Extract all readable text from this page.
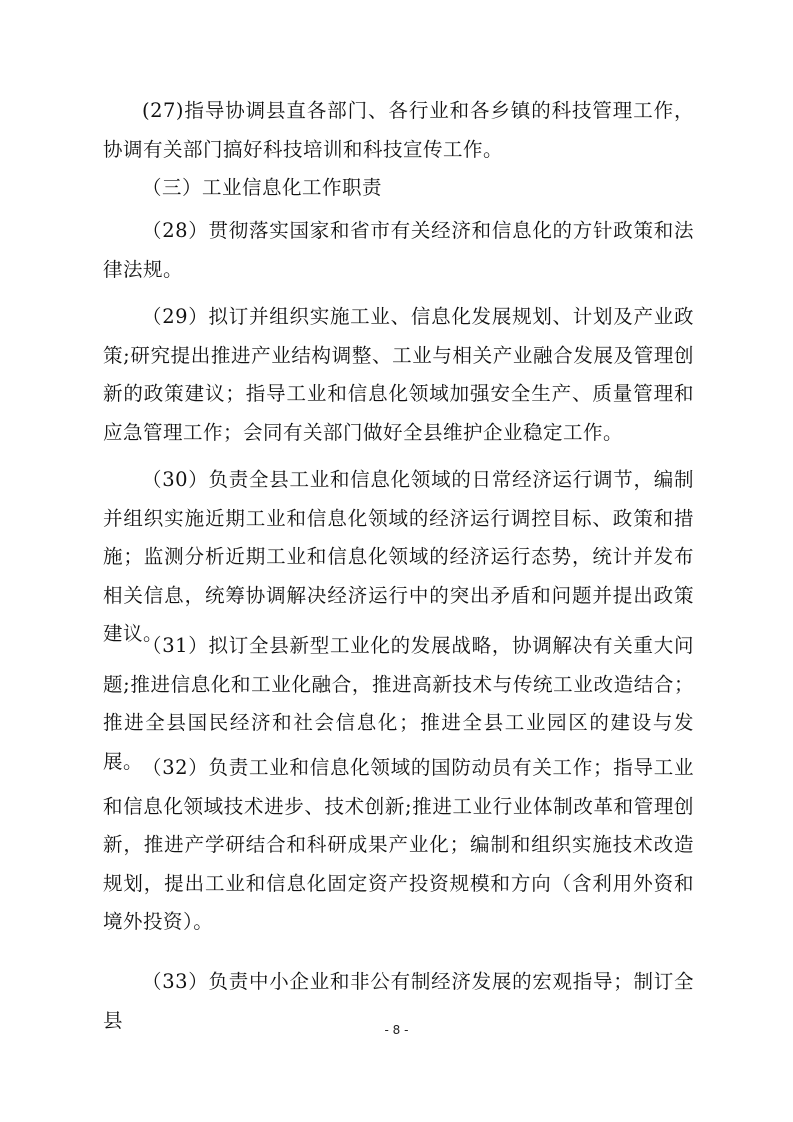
(27)指导协调县直各部门、各行业和各乡镇的科技管理工作，协调有关部门搞好科技培训和科技宣传工作。

（三）工业信息化工作职责

（28）贯彻落实国家和省市有关经济和信息化的方针政策和法律法规。

（29）拟订并组织实施工业、信息化发展规划、计划及产业政策;研究提出推进产业结构调整、工业与相关产业融合发展及管理创新的政策建议；指导工业和信息化领域加强安全生产、质量管理和应急管理工作；会同有关部门做好全县维护企业稳定工作。

（30）负责全县工业和信息化领域的日常经济运行调节，编制并组织实施近期工业和信息化领域的经济运行调控目标、政策和措施；监测分析近期工业和信息化领域的经济运行态势，统计并发布相关信息，统筹协调解决经济运行中的突出矛盾和问题并提出政策建议。

（31）拟订全县新型工业化的发展战略，协调解决有关重大问题;推进信息化和工业化融合，推进高新技术与传统工业改造结合；推进全县国民经济和社会信息化；推进全县工业园区的建设与发展。

（32）负责工业和信息化领域的国防动员有关工作；指导工业和信息化领域技术进步、技术创新;推进工业行业体制改革和管理创新，推进产学研结合和科研成果产业化；编制和组织实施技术改造规划，提出工业和信息化固定资产投资规模和方向（含利用外资和境外投资）。

（33）负责中小企业和非公有制经济发展的宏观指导；制订全县	- 8 -
